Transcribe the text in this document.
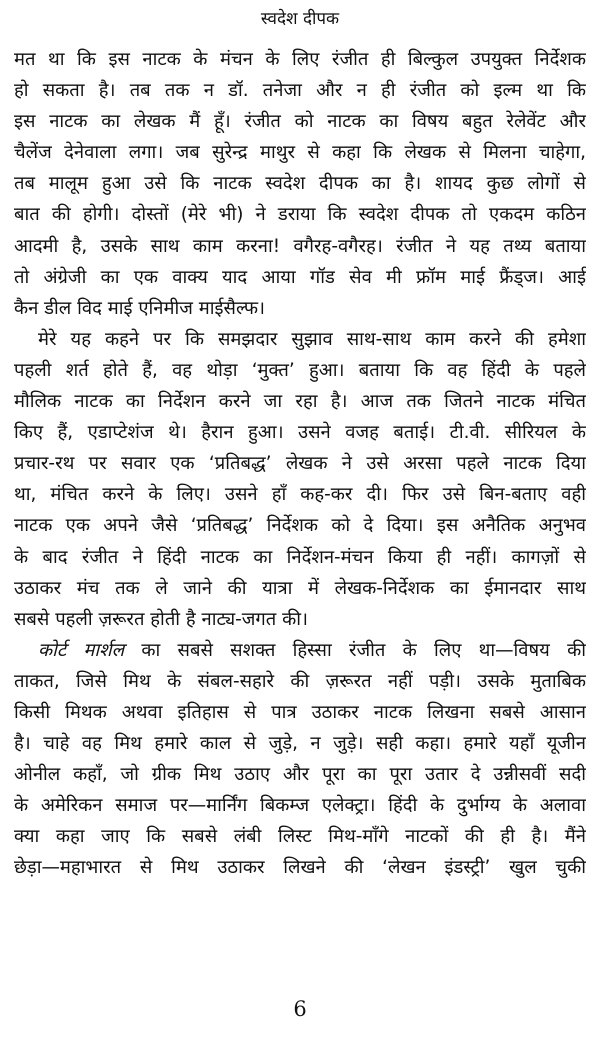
स्वदेश दीपक
मत था कि इस नाटक के मंचन के लिए रंजीत ही बिल्कुल उपयुक्त निर्देशक
हो सकता है। तब तक न डॉ. तनेजा और न ही रंजीत को इल्म था कि
इस नाटक का लेखक मैं हूँ। रंजीत को नाटक का विषय बहुत रेलेवेंट और
चैलेंज देनेवाला लगा। जब सुरेन्द्र माथुर से कहा कि लेखक से मिलना चाहेगा,
तब मालूम हुआ उसे कि नाटक स्वदेश दीपक का है। शायद कुछ लोगों से
बात की होगी। दोस्तों (मेरे भी) ने डराया कि स्वदेश दीपक तो एकदम कठिन
आदमी है, उसके साथ काम करना! वगैरह-वगैरह। रंजीत ने यह तथ्य बताया
तो अंग्रेजी का एक वाक्य याद आया गॉड सेव मी फ्रॉम माई फ्रैंड्ज। आई
कैन डील विद माई एनिमीज माईसैल्फ।
मेरे यह कहने पर कि समझदार सुझाव साथ-साथ काम करने की हमेशा
पहली शर्त होते हैं, वह थोड़ा ‘मुक्त’ हुआ। बताया कि वह हिंदी के पहले
मौलिक नाटक का निर्देशन करने जा रहा है। आज तक जितने नाटक मंचित
किए हैं, एडाप्टेशंज थे। हैरान हुआ। उसने वजह बताई। टी.वी. सीरियल के
प्रचार-रथ पर सवार एक ‘प्रतिबद्ध’ लेखक ने उसे अरसा पहले नाटक दिया
था, मंचित करने के लिए। उसने हाँ कह-कर दी। फिर उसे बिन-बताए वही
नाटक एक अपने जैसे ‘प्रतिबद्ध’ निर्देशक को दे दिया। इस अनैतिक अनुभव
के बाद रंजीत ने हिंदी नाटक का निर्देशन-मंचन किया ही नहीं। कागज़ों से
उठाकर मंच तक ले जाने की यात्रा में लेखक-निर्देशक का ईमानदार साथ
सबसे पहली ज़रूरत होती है नाट्य-जगत की।
कोर्ट मार्शल का सबसे सशक्त हिस्सा रंजीत के लिए था—विषय की
ताकत, जिसे मिथ के संबल-सहारे की ज़रूरत नहीं पड़ी। उसके मुताबिक
किसी मिथक अथवा इतिहास से पात्र उठाकर नाटक लिखना सबसे आसान
है। चाहे वह मिथ हमारे काल से जुड़े, न जुड़े। सही कहा। हमारे यहाँ यूजीन
ओनील कहाँ, जो ग्रीक मिथ उठाए और पूरा का पूरा उतार दे उन्नीसवीं सदी
के अमेरिकन समाज पर—मार्निंग बिकम्ज एलेक्ट्रा। हिंदी के दुर्भाग्य के अलावा
क्या कहा जाए कि सबसे लंबी लिस्ट मिथ-माँगे नाटकों की ही है। मैंने
छेड़ा—महाभारत से मिथ उठाकर लिखने की ‘लेखन इंडस्ट्री’ खुल चुकी
6
